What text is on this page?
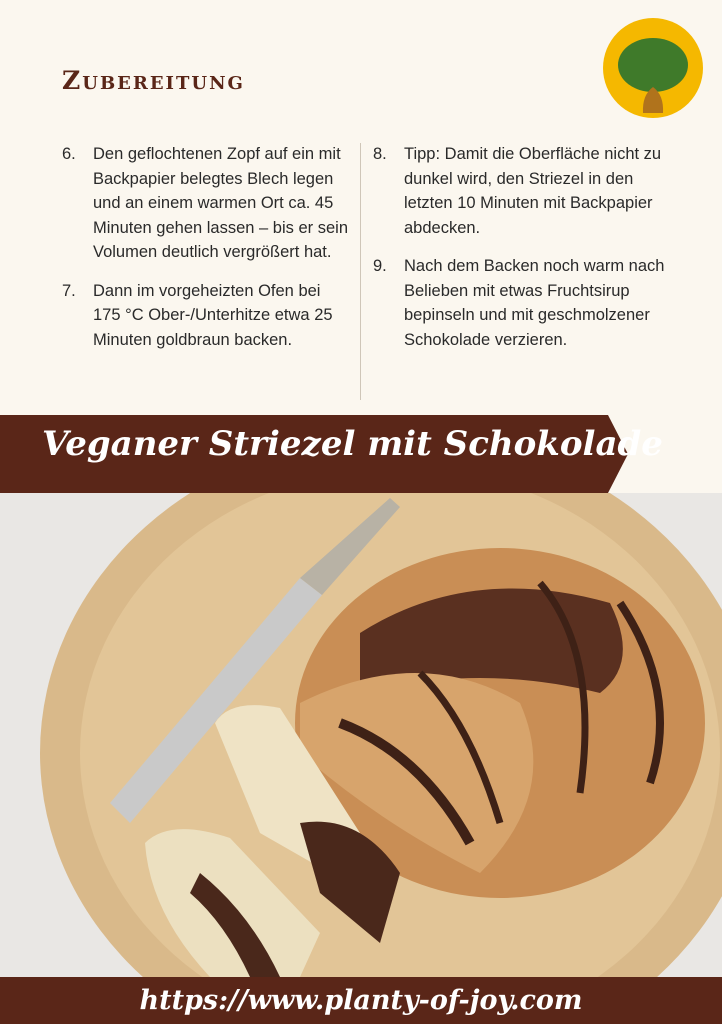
Zubereitung
6.	Den geflochtenen Zopf auf ein mit Backpapier belegtes Blech legen und an einem warmen Ort ca. 45 Minuten gehen lassen – bis er sein Volumen deutlich vergrößert hat.
7.	Dann im vorgeheizten Ofen bei 175 °C Ober-/Unterhitze etwa 25 Minuten goldbraun backen.
8.	Tipp: Damit die Oberfläche nicht zu dunkel wird, den Striezel in den letzten 10 Minuten mit Backpapier abdecken.
9.	Nach dem Backen noch warm nach Belieben mit etwas Fruchtsirup bepinseln und mit geschmolzener Schokolade verzieren.
Veganer Striezel mit Schokolade
https://www.planty-of-joy.com
